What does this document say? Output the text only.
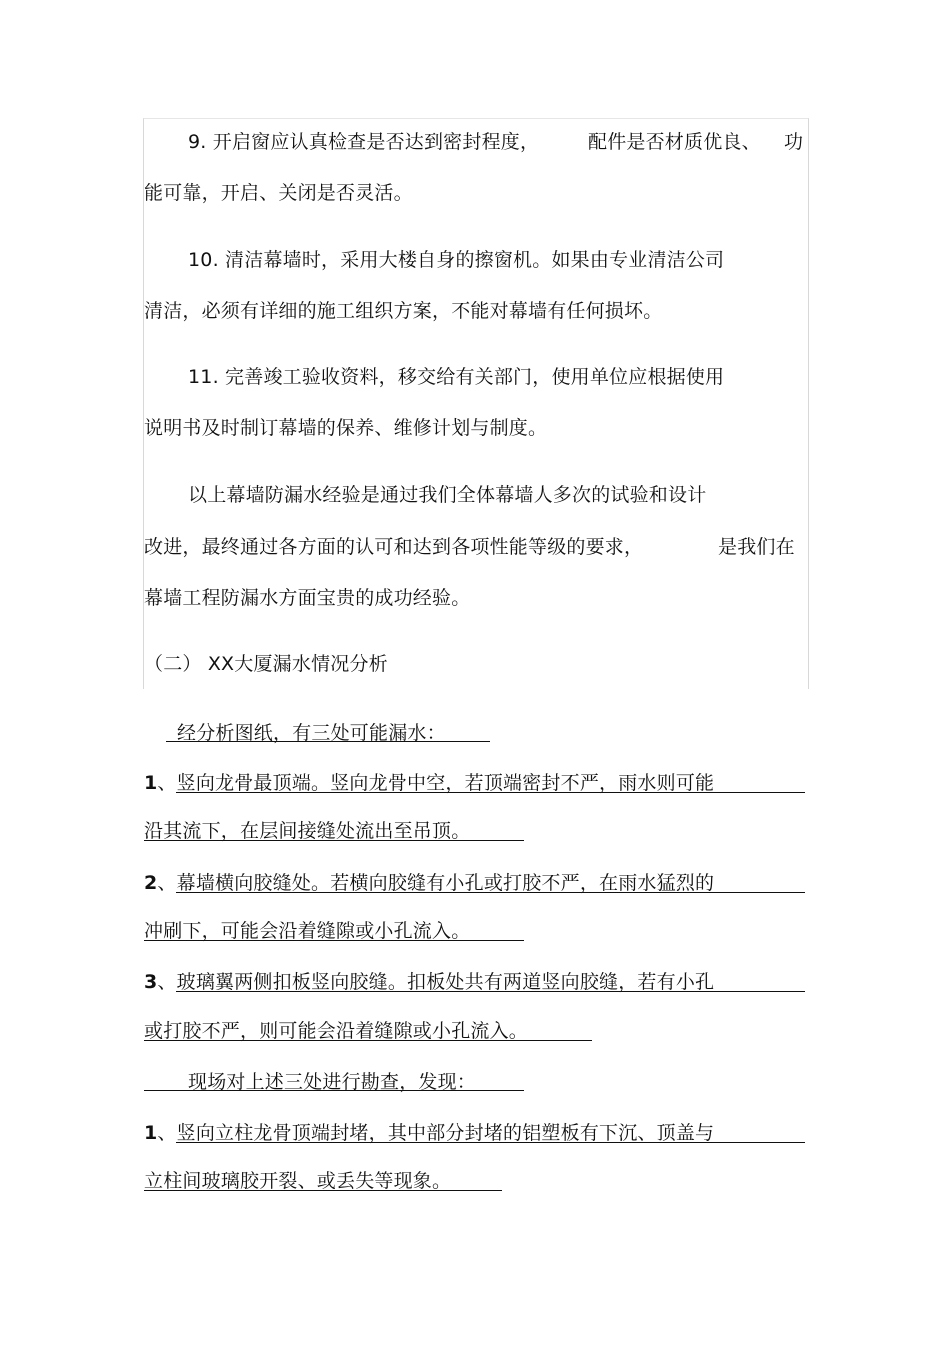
9. 开启窗应认真检查是否达到密封程度，	配件是否材质优良、 功
能可靠，开启、关闭是否灵活。
10. 清洁幕墙时，采用大楼自身的擦窗机。如果由专业清洁公司
清洁，必须有详细的施工组织方案，不能对幕墙有任何损坏。
11. 完善竣工验收资料，移交给有关部门，使用单位应根据使用
说明书及时制订幕墙的保养、维修计划与制度。
以上幕墙防漏水经验是通过我们全体幕墙人多次的试验和设计
改进，最终通过各方面的认可和达到各项性能等级的要求，	是我们在
幕墙工程防漏水方面宝贵的成功经验。
（二） XX大厦漏水情况分析
经分析图纸，有三处可能漏水：
1、竖向龙骨最顶端。竖向龙骨中空，若顶端密封不严，雨水则可能
沿其流下，在层间接缝处流出至吊顶。
2、幕墙横向胶缝处。若横向胶缝有小孔或打胶不严，在雨水猛烈的
冲刷下，可能会沿着缝隙或小孔流入。
3、玻璃翼两侧扣板竖向胶缝。扣板处共有两道竖向胶缝，若有小孔
或打胶不严，则可能会沿着缝隙或小孔流入。
现场对上述三处进行勘查，发现：
1、竖向立柱龙骨顶端封堵，其中部分封堵的铝塑板有下沉、顶盖与
立柱间玻璃胶开裂、或丢失等现象。
